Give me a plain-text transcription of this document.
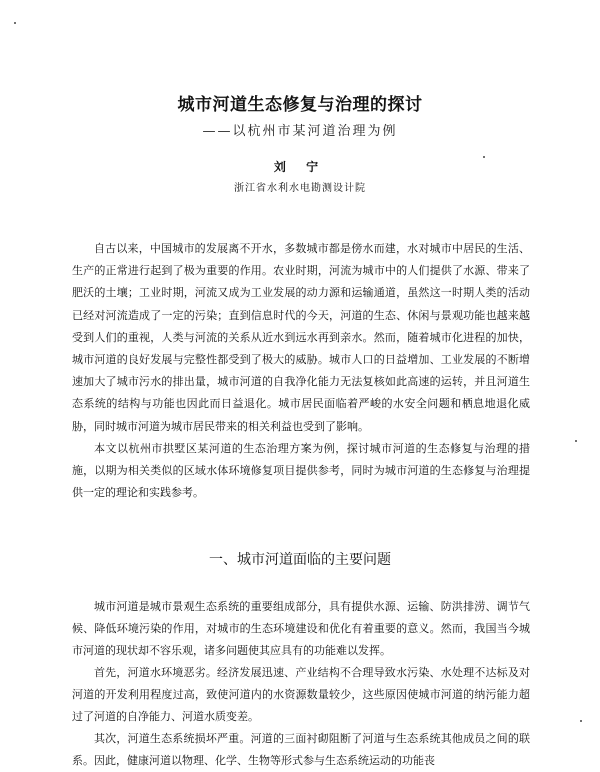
城市河道生态修复与治理的探讨
——以杭州市某河道治理为例
刘 宁
浙江省水利水电勘测设计院

自古以来，中国城市的发展离不开水，多数城市都是傍水而建，水对城市中居民的生活、生产的正常进行起到了极为重要的作用。农业时期，河流为城市中的人们提供了水源、带来了肥沃的土壤；工业时期，河流又成为工业发展的动力源和运输通道，虽然这一时期人类的活动已经对河流造成了一定的污染；直到信息时代的今天，河道的生态、休闲与景观功能也越来越受到人们的重视，人类与河流的关系从近水到远水再到亲水。然而，随着城市化进程的加快，城市河道的良好发展与完整性都受到了极大的威胁。城市人口的日益增加、工业发展的不断增速加大了城市污水的排出量，城市河道的自我净化能力无法复核如此高速的运转，并且河道生态系统的结构与功能也因此而日益退化。城市居民面临着严峻的水安全问题和栖息地退化威胁，同时城市河道为城市居民带来的相关利益也受到了影响。

本文以杭州市拱墅区某河道的生态治理方案为例，探讨城市河道的生态修复与治理的措施，以期为相关类似的区域水体环境修复项目提供参考，同时为城市河道的生态修复与治理提供一定的理论和实践参考。

一、城市河道面临的主要问题

城市河道是城市景观生态系统的重要组成部分，具有提供水源、运输、防洪排涝、调节气候、降低环境污染的作用，对城市的生态环境建设和优化有着重要的意义。然而，我国当今城市河道的现状却不容乐观，诸多问题使其应具有的功能难以发挥。

首先，河道水环境恶劣。经济发展迅速、产业结构不合理导致水污染、水处理不达标及对河道的开发利用程度过高，致使河道内的水资源数量较少，这些原因使城市河道的纳污能力超过了河道的自净能力、河道水质变差。

其次，河道生态系统损坏严重。河道的三面衬砌阻断了河道与生态系统其他成员之间的联系。因此，健康河道以物理、化学、生物等形式参与生态系统运动的功能丧
